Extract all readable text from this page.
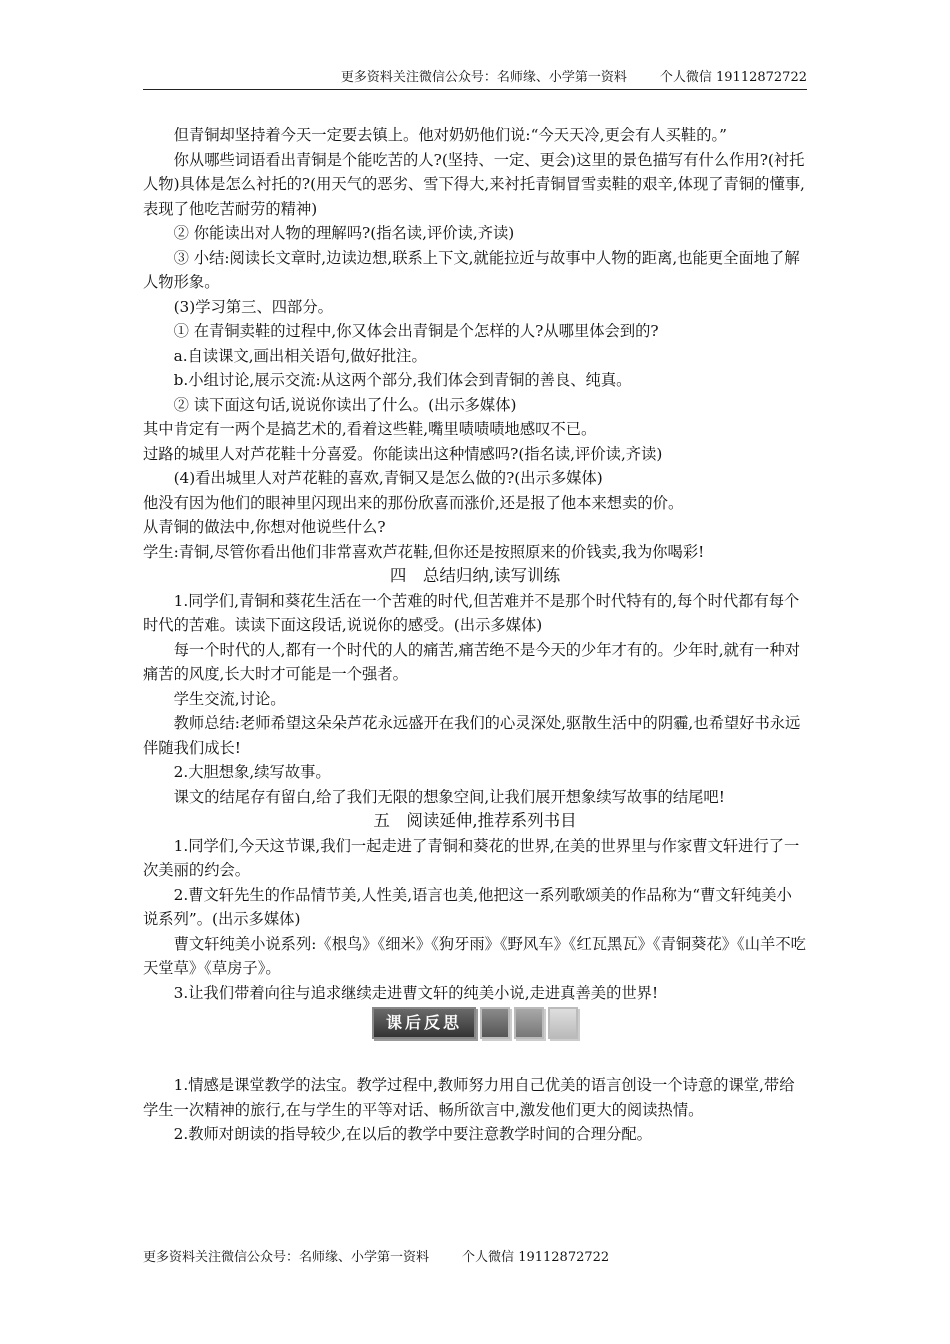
更多资料关注微信公众号：名师缘、小学第一资料        个人微信 19112872722

但青铜却坚持着今天一定要去镇上。他对奶奶他们说:“今天天冷,更会有人买鞋的。”

你从哪些词语看出青铜是个能吃苦的人?(坚持、一定、更会)这里的景色描写有什么作用?(衬托人物)具体是怎么衬托的?(用天气的恶劣、雪下得大,来衬托青铜冒雪卖鞋的艰辛,体现了青铜的懂事,表现了他吃苦耐劳的精神)

② 你能读出对人物的理解吗?(指名读,评价读,齐读)

③ 小结:阅读长文章时,边读边想,联系上下文,就能拉近与故事中人物的距离,也能更全面地了解人物形象。

(3)学习第三、四部分。

① 在青铜卖鞋的过程中,你又体会出青铜是个怎样的人?从哪里体会到的?

a.自读课文,画出相关语句,做好批注。

b.小组讨论,展示交流:从这两个部分,我们体会到青铜的善良、纯真。

② 读下面这句话,说说你读出了什么。(出示多媒体)

其中肯定有一两个是搞艺术的,看着这些鞋,嘴里啧啧啧地感叹不已。

过路的城里人对芦花鞋十分喜爱。你能读出这种情感吗?(指名读,评价读,齐读)

(4)看出城里人对芦花鞋的喜欢,青铜又是怎么做的?(出示多媒体)

他没有因为他们的眼神里闪现出来的那份欣喜而涨价,还是报了他本来想卖的价。

从青铜的做法中,你想对他说些什么?

学生:青铜,尽管你看出他们非常喜欢芦花鞋,但你还是按照原来的价钱卖,我为你喝彩!

四　总结归纳,读写训练

1.同学们,青铜和葵花生活在一个苦难的时代,但苦难并不是那个时代特有的,每个时代都有每个时代的苦难。读读下面这段话,说说你的感受。(出示多媒体)

每一个时代的人,都有一个时代的人的痛苦,痛苦绝不是今天的少年才有的。少年时,就有一种对痛苦的风度,长大时才可能是一个强者。

学生交流,讨论。

教师总结:老师希望这朵朵芦花永远盛开在我们的心灵深处,驱散生活中的阴霾,也希望好书永远伴随我们成长!

2.大胆想象,续写故事。

课文的结尾存有留白,给了我们无限的想象空间,让我们展开想象续写故事的结尾吧!

五　阅读延伸,推荐系列书目

1.同学们,今天这节课,我们一起走进了青铜和葵花的世界,在美的世界里与作家曹文轩进行了一次美丽的约会。

2.曹文轩先生的作品情节美,人性美,语言也美,他把这一系列歌颂美的作品称为“曹文轩纯美小说系列”。(出示多媒体)

曹文轩纯美小说系列:《根鸟》《细米》《狗牙雨》《野风车》《红瓦黑瓦》《青铜葵花》《山羊不吃天堂草》《草房子》。

3.让我们带着向往与追求继续走进曹文轩的纯美小说,走进真善美的世界!

课后反思

1.情感是课堂教学的法宝。教学过程中,教师努力用自己优美的语言创设一个诗意的课堂,带给学生一次精神的旅行,在与学生的平等对话、畅所欲言中,激发他们更大的阅读热情。

2.教师对朗读的指导较少,在以后的教学中要注意教学时间的合理分配。

更多资料关注微信公众号：名师缘、小学第一资料        个人微信 19112872722
